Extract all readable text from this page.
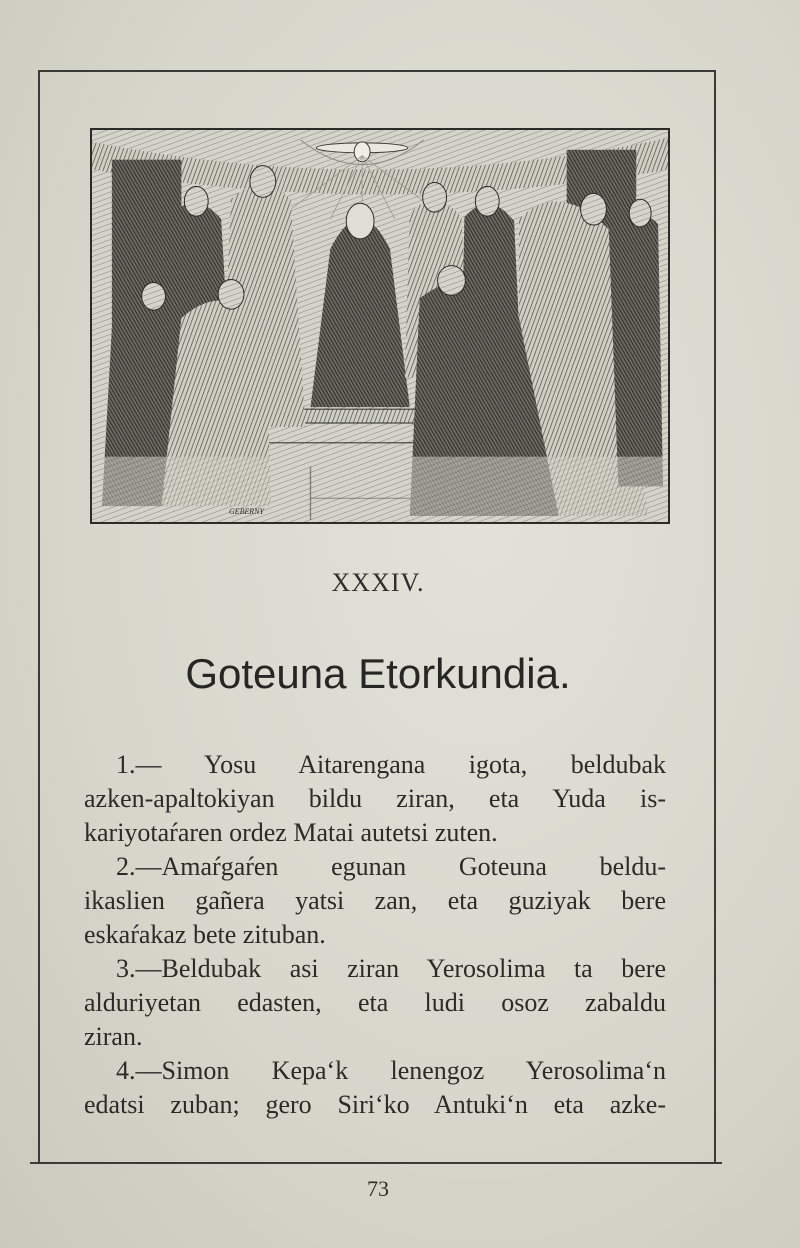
GEBERNY
XXXIV.
Goteuna Etorkundia.
1.— Yosu Aitarengana igota, beldubak
azken-apaltokiyan bildu ziran, eta Yuda is-
kariyotaŕaren ordez Matai autetsi zuten.
2.—Amaŕgaŕen egunan Goteuna beldu-
ikaslien gañera yatsi zan, eta guziyak bere
eskaŕakaz bete zituban.
3.—Beldubak asi ziran Yerosolima ta bere
alduriyetan edasten, eta ludi osoz zabaldu
ziran.
4.—Simon Kepa‘k lenengoz Yerosolima‘n
edatsi zuban; gero Siri‘ko Antuki‘n eta azke-
73
